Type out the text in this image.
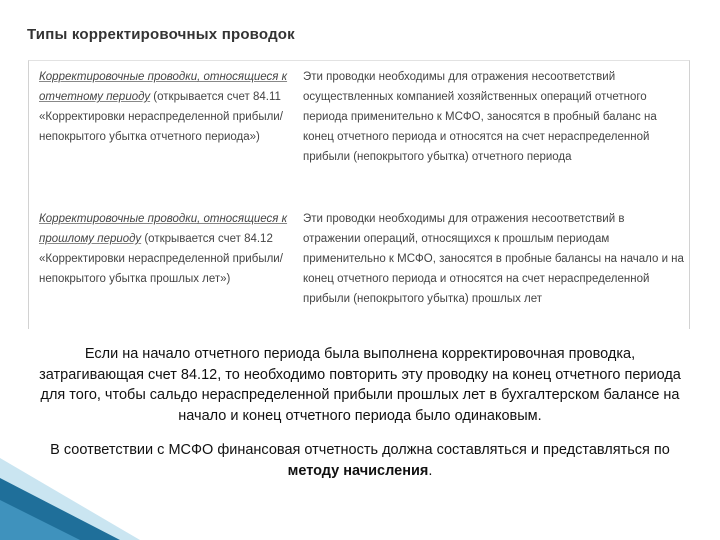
Типы корректировочных проводок
Корректировочные проводки, относящиеся к отчетному периоду (открывается счет 84.11 «Корректировки нераспределенной прибыли/непокрытого убытка отчетного периода»)
Эти проводки необходимы для отражения несоответствий осуществленных компанией хозяйственных операций отчетного периода применительно к МСФО, заносятся в пробный баланс на конец отчетного периода и относятся на счет нераспределенной прибыли (непокрытого убытка) отчетного периода
Корректировочные проводки, относящиеся к прошлому периоду (открывается счет 84.12 «Корректировки нераспределенной прибыли/непокрытого убытка прошлых лет»)
Эти проводки необходимы для отражения несоответствий в отражении операций, относящихся к прошлым периодам применительно к МСФО, заносятся в пробные балансы на начало и на конец отчетного периода и относятся на счет нераспределенной прибыли (непокрытого убытка) прошлых лет
Если на начало отчетного периода была выполнена корректировочная проводка, затрагивающая счет 84.12, то необходимо повторить эту проводку на конец отчетного периода для того, чтобы сальдо нераспределенной прибыли прошлых лет в бухгалтерском балансе на начало и конец отчетного периода было одинаковым.
В соответствии с МСФО финансовая отчетность должна составляться и представляться по методу начисления.
